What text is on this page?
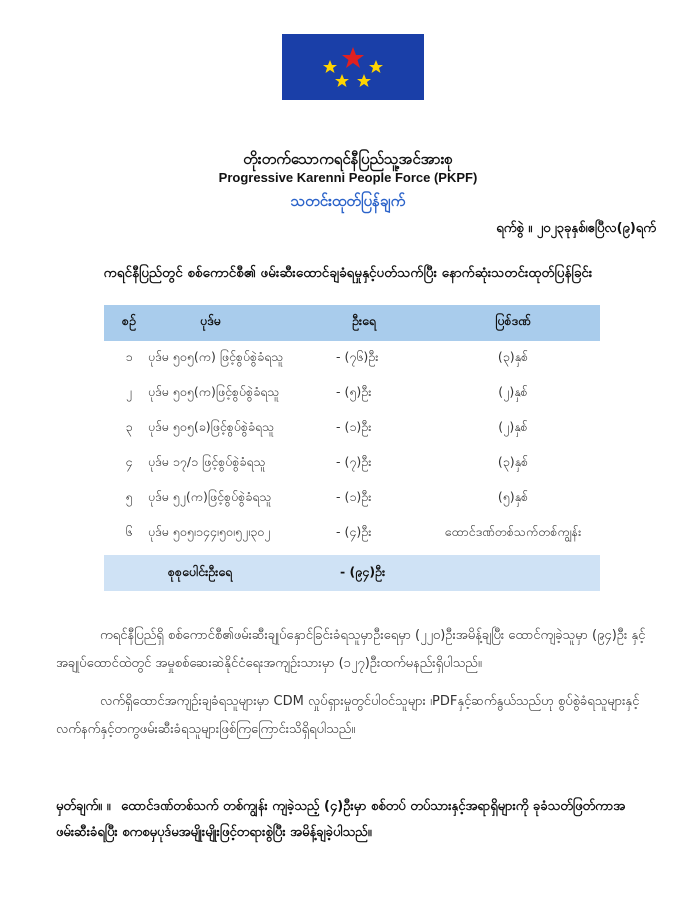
တိုးတက်သောကရင်နီပြည်သူ့အင်အားစု
Progressive Karenni People Force (PKPF)
သတင်းထုတ်ပြန်ချက်
ရက်စွဲ ။ ၂၀၂၃ခုနှစ်၊ဧပြီလ(၉)ရက်
ကရင်နီပြည်တွင် စစ်ကောင်စီ၏ ဖမ်းဆီးထောင်ချခံရမှုနှင့်ပတ်သက်ပြီး နောက်ဆုံးသတင်းထုတ်ပြန်ခြင်း
စဉ်	ပုဒ်မ	ဦးရေ	ပြစ်ဒဏ်
၁	ပုဒ်မ ၅၀၅(က) ဖြင့်စွပ်စွဲခံရသူ	- (၇၆)ဦး	(၃)နှစ်
၂	ပုဒ်မ ၅၀၅(က)ဖြင့်စွပ်စွဲခံရသူ	- (၅)ဦး	(၂)နှစ်
၃	ပုဒ်မ ၅၀၅(ခ)ဖြင့်စွပ်စွဲခံရသူ	- (၁)ဦး	(၂)နှစ်
၄	ပုဒ်မ ၁၇/၁ ဖြင့်စွပ်စွဲခံရသူ	- (၇)ဦး	(၃)နှစ်
၅	ပုဒ်မ ၅၂(က)ဖြင့်စွပ်စွဲခံရသူ	- (၁)ဦး	(၅)နှစ်
၆	ပုဒ်မ ၅၀၅၊၁၄၄၊၅၀၊၅၂၊၃၀၂	- (၄)ဦး	ထောင်ဒဏ်တစ်သက်တစ်ကျွန်း
စုစုပေါင်းဦးရေ	- (၉၄)ဦး
ကရင်နီပြည်ရှိ စစ်ကောင်စီ၏ဖမ်းဆီးချုပ်နှောင်ခြင်းခံရသူမှာဦးရေမှာ (၂၂၀)ဦးအမိန့်ချပြီး ထောင်ကျခဲ့သူမှာ (၉၄)ဦး နှင့် အချုပ်ထောင်ထဲတွင် အမှုစစ်ဆေးဆဲနိုင်ငံရေးအကျဉ်းသားမှာ (၁၂၇)ဦးထက်မနည်းရှိပါသည်။
လက်ရှိထောင်အကျဉ်းချခံရသူများမှာ CDM လှုပ်ရှားမှုတွင်ပါဝင်သူများ ၊PDFနှင့်ဆက်နွယ်သည်ဟု စွပ်စွဲခံရသူများနှင့် လက်နက်နှင့်တကွဖမ်းဆီးခံရသူများဖြစ်ကြကြောင်းသိရှိရပါသည်။
မှတ်ချက်။ ။ ထောင်ဒဏ်တစ်သက် တစ်ကျွန်း ကျခဲ့သည့် (၄)ဦးမှာ စစ်တပ် တပ်သားနှင့်အရာရှိများကို ခုခံသတ်ဖြတ်ကာအဖမ်းဆီးခံရပြီး စကစမှပုဒ်မအမျိုးမျိုးဖြင့်တရားစွဲပြီး အမိန့်ချခဲ့ပါသည်။
